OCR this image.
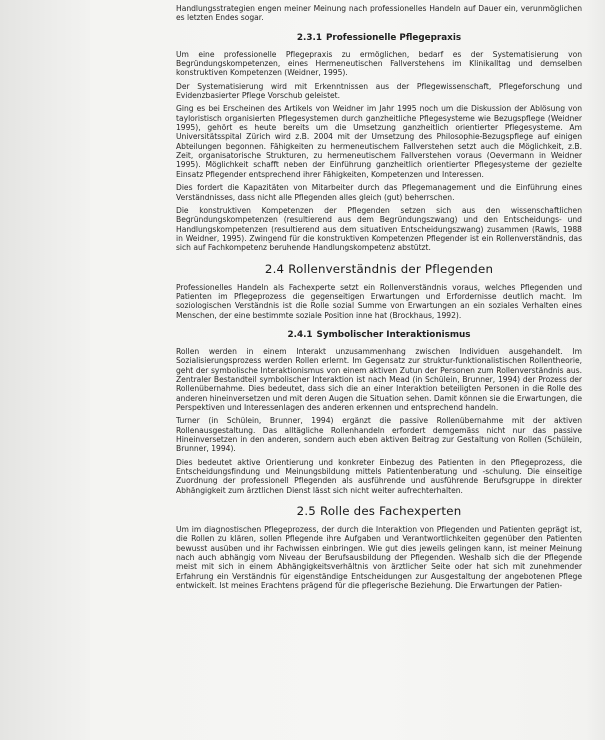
Handlungsstrategien engen meiner Meinung nach professionelles Handeln auf Dauer ein, verunmöglichen es letzten Endes sogar.

2.3.1 Professionelle Pflegepraxis

Um eine professionelle Pflegepraxis zu ermöglichen, bedarf es der Systematisierung von Begründungskompetenzen, eines Hermeneutischen Fallverstehens im Klinikalltag und demselben konstruktiven Kompetenzen (Weidner, 1995).

Der Systematisierung wird mit Erkenntnissen aus der Pflegewissenschaft, Pflegeforschung und Evidenzbasierter Pflege Vorschub geleistet.

Ging es bei Erscheinen des Artikels von Weidner im Jahr 1995 noch um die Diskussion der Ablösung von tayloristisch organisierten Pflegesystemen durch ganzheitliche Pflegesysteme wie Bezugspflege (Weidner 1995), gehört es heute bereits um die Umsetzung ganzheitlich orientierter Pflegesysteme. Am Universitätsspital Zürich wird z.B. 2004 mit der Umsetzung des Philosophie-Bezugspflege auf einigen Abteilungen begonnen. Fähigkeiten zu hermeneutischem Fallverstehen setzt auch die Möglichkeit, z.B. Zeit, organisatorische Strukturen, zu hermeneutischem Fallverstehen voraus (Oevermann in Weidner 1995). Möglichkeit schafft neben der Einführung ganzheitlich orientierter Pflegesysteme der gezielte Einsatz Pflegender entsprechend ihrer Fähigkeiten, Kompetenzen und Interessen.

Dies fordert die Kapazitäten von Mitarbeiter durch das Pflegemanagement und die Einführung eines Verständnisses, dass nicht alle Pflegenden alles gleich (gut) beherrschen.

Die konstruktiven Kompetenzen der Pflegenden setzen sich aus den wissenschaftlichen Begründungskompetenzen (resultierend aus dem Begründungszwang) und den Entscheidungs- und Handlungskompetenzen (resultierend aus dem situativen Entscheidungszwang) zusammen (Rawls, 1988 in Weidner, 1995). Zwingend für die konstruktiven Kompetenzen Pflegender ist ein Rollenverständnis, das sich auf Fachkompetenz beruhende Handlungskompetenz abstützt.

2.4 Rollenverständnis der Pflegenden

Professionelles Handeln als Fachexperte setzt ein Rollenverständnis voraus, welches Pflegenden und Patienten im Pflegeprozess die gegenseitigen Erwartungen und Erfordernisse deutlich macht. Im soziologischen Verständnis ist die Rolle sozial Summe von Erwartungen an ein soziales Verhalten eines Menschen, der eine bestimmte soziale Position inne hat (Brockhaus, 1992).

2.4.1 Symbolischer Interaktionismus

Rollen werden in einem Interakt unzusammenhang zwischen Individuen ausgehandelt. Im Sozialisierungsprozess werden Rollen erlernt. Im Gegensatz zur struktur-funktionalistischen Rollentheorie, geht der symbolische Interaktionismus von einem aktiven Zutun der Personen zum Rollenverständnis aus. Zentraler Bestandteil symbolischer Interaktion ist nach Mead (in Schülein, Brunner, 1994) der Prozess der Rollenübernahme. Dies bedeutet, dass sich die an einer Interaktion beteiligten Personen in die Rolle des anderen hineinversetzen und mit deren Augen die Situation sehen. Damit können sie die Erwartungen, die Perspektiven und Interessenlagen des anderen erkennen und entsprechend handeln.

Turner (in Schülein, Brunner, 1994) ergänzt die passive Rollenübernahme mit der aktiven Rollenausgestaltung. Das alltägliche Rollenhandeln erfordert demgemäss nicht nur das passive Hineinversetzen in den anderen, sondern auch eben aktiven Beitrag zur Gestaltung von Rollen (Schülein, Brunner, 1994).

Dies bedeutet aktive Orientierung und konkreter Einbezug des Patienten in den Pflegeprozess, die Entscheidungsfindung und Meinungsbildung mittels Patientenberatung und -schulung. Die einseitige Zuordnung der professionell Pflegenden als ausführende und ausführende Berufsgruppe in direkter Abhängigkeit zum ärztlichen Dienst lässt sich nicht weiter aufrechterhalten.

2.5 Rolle des Fachexperten

Um im diagnostischen Pflegeprozess, der durch die Interaktion von Pflegenden und Patienten geprägt ist, die Rollen zu klären, sollen Pflegende ihre Aufgaben und Verantwortlichkeiten gegenüber den Patienten bewusst ausüben und ihr Fachwissen einbringen. Wie gut dies jeweils gelingen kann, ist meiner Meinung nach auch abhängig vom Niveau der Berufsausbildung der Pflegenden. Weshalb sich die der Pflegende meist mit sich in einem Abhängigkeitsverhältnis von ärztlicher Seite oder hat sich mit zunehmender Erfahrung ein Verständnis für eigenständige Entscheidungen zur Ausgestaltung der angebotenen Pflege entwickelt. Ist meines Erachtens prägend für die pflegerische Beziehung. Die Erwartungen der Patien-
